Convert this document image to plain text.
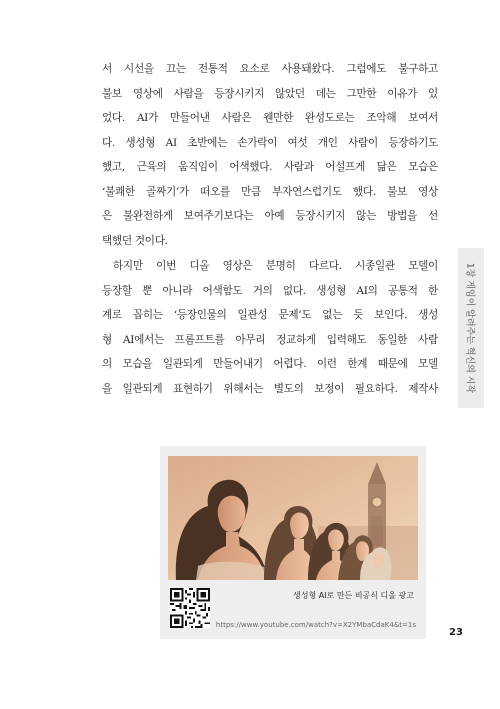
서 시선을 끄는 전통적 요소로 사용돼왔다. 그럼에도 불구하고
불보 영상에 사람을 등장시키지 않았던 데는 그만한 이유가 있
었다. AI가 만들어낸 사람은 웬만한 완성도로는 조악해 보여서
다. 생성형 AI 초반에는 손가락이 여섯 개인 사람이 등장하기도
했고, 근육의 움직임이 어색했다. 사람과 어설프게 닮은 모습은
‘불쾌한 골짜기’가 떠오를 만큼 부자연스럽기도 했다. 불보 영상
은 불완전하게 보여주기보다는 아예 등장시키지 않는 방법을 선
택했던 것이다.
하지만 이번 디올 영상은 분명히 다르다. 시종일관 모델이
등장할 뿐 아니라 어색함도 거의 없다. 생성형 AI의 공통적 한
계로 꼽히는 ‘등장인물의 일관성 문제’도 없는 듯 보인다. 생성
형 AI에서는 프롬프트를 아무리 정교하게 입력해도 동일한 사람
의 모습을 일관되게 만들어내기 어렵다. 이런 한계 때문에 모델
을 일관되게 표현하기 위해서는 별도의 보정이 필요하다. 제작사	1장 게임이 알려주는 혁신의 시작
생성형 AI로 만든 비공식 디올 광고
https://www.youtube.com/watch?v=X2YMbaCdaK4&t=1s
23
